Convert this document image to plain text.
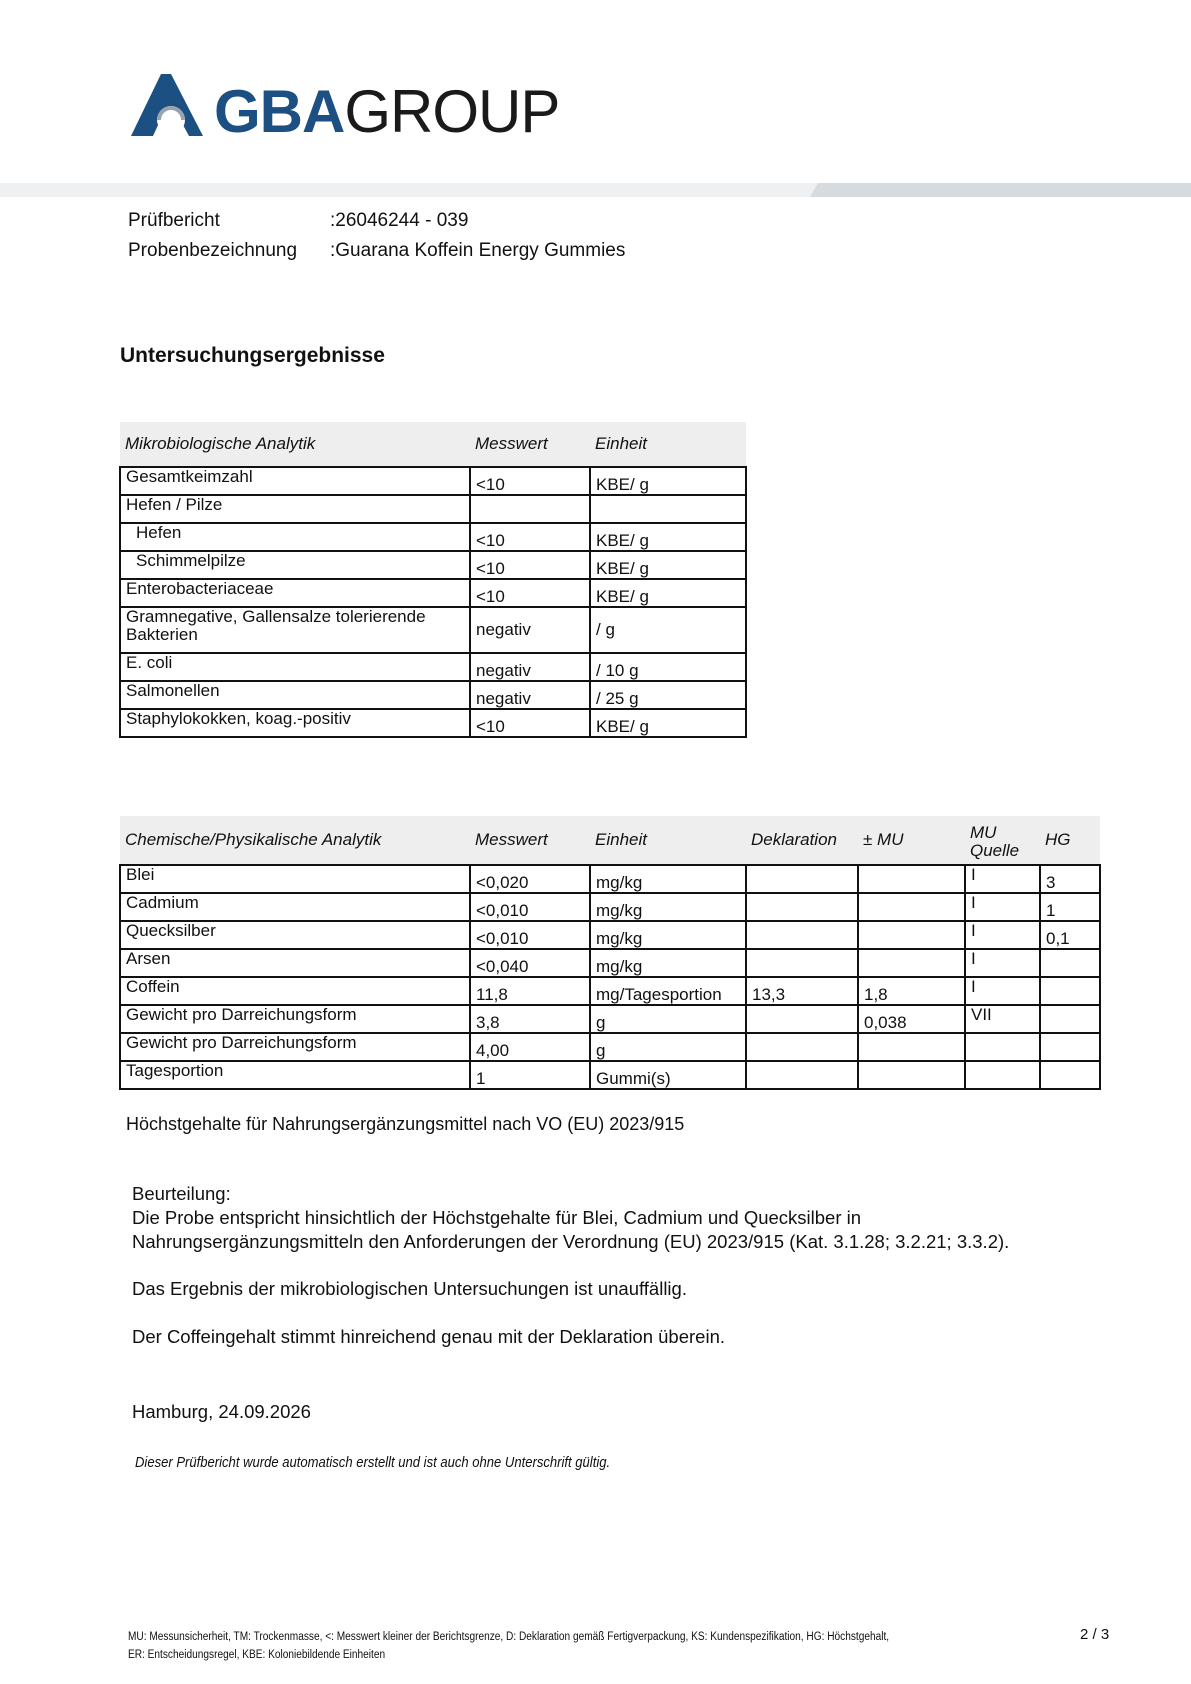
GBAGROUP
Prüfbericht	:26046244 - 039
Probenbezeichnung :Guarana Koffein Energy Gummies
Untersuchungsergebnisse
Mikrobiologische Analytik	Messwert	Einheit
Gesamtkeimzahl	<10	KBE/ g
Hefen / Pilze		
Hefen	<10	KBE/ g
Schimmelpilze	<10	KBE/ g
Enterobacteriaceae	<10	KBE/ g
Gramnegative, Gallensalze tolerierende Bakterien	negativ	/ g
E. coli	negativ	/ 10 g
Salmonellen	negativ	/ 25 g
Staphylokokken, koag.-positiv	<10	KBE/ g
Chemische/Physikalische Analytik	Messwert	Einheit	Deklaration	± MU	MU Quelle	HG
Blei	<0,020	mg/kg			I	3
Cadmium	<0,010	mg/kg			I	1
Quecksilber	<0,010	mg/kg			I	0,1
Arsen	<0,040	mg/kg			I	
Coffein	11,8	mg/Tagesportion	13,3	1,8	I	
Gewicht pro Darreichungsform	3,8	g		0,038	VII	
Gewicht pro Darreichungsform	4,00	g				
Tagesportion	1	Gummi(s)				
Höchstgehalte für Nahrungsergänzungsmittel nach VO (EU) 2023/915
Beurteilung:
Die Probe entspricht hinsichtlich der Höchstgehalte für Blei, Cadmium und Quecksilber in
Nahrungsergänzungsmitteln den Anforderungen der Verordnung (EU) 2023/915 (Kat. 3.1.28; 3.2.21; 3.3.2).
Das Ergebnis der mikrobiologischen Untersuchungen ist unauffällig.
Der Coffeingehalt stimmt hinreichend genau mit der Deklaration überein.
Hamburg, 24.09.2026
Dieser Prüfbericht wurde automatisch erstellt und ist auch ohne Unterschrift gültig.
MU: Messunsicherheit, TM: Trockenmasse, <: Messwert kleiner der Berichtsgrenze, D: Deklaration gemäß Fertigverpackung, KS: Kundenspezifikation, HG: Höchstgehalt,
ER: Entscheidungsregel, KBE: Koloniebildende Einheiten
2 / 3
